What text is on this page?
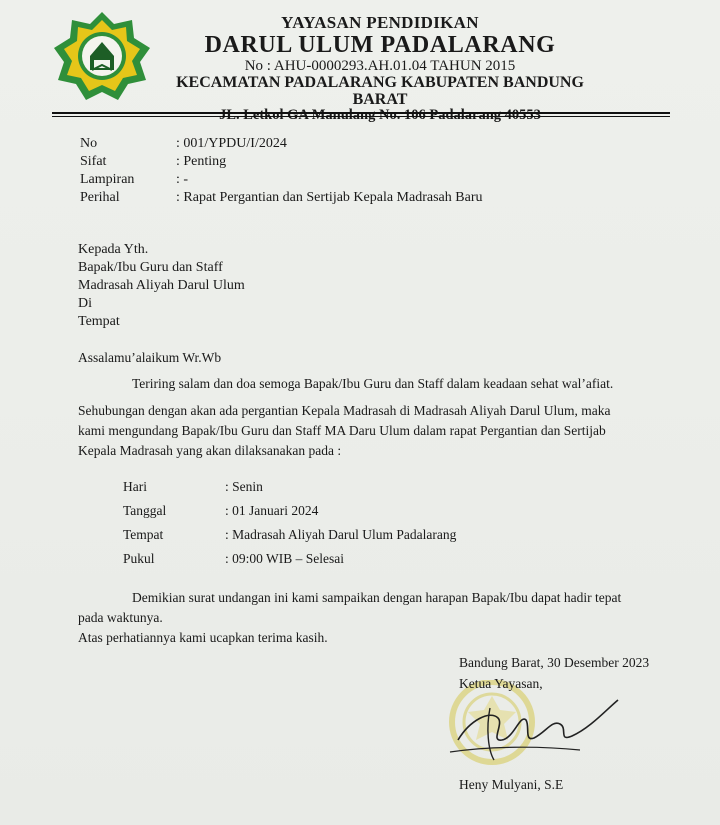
YAYASAN PENDIDIKAN
DARUL ULUM PADALARANG
No : AHU-0000293.AH.01.04 TAHUN 2015
KECAMATAN PADALARANG KABUPATEN BANDUNG BARAT
No	: 001/YPDU/I/2024
Sifat	: Penting
Lampiran	: -
Perihal	: Rapat Pergantian dan Sertijab Kepala Madrasah Baru
Kepada Yth.
Bapak/Ibu Guru dan Staff
Madrasah Aliyah Darul Ulum
Di
Tempat
Assalamu’alaikum Wr.Wb
Teriring salam dan doa semoga Bapak/Ibu Guru dan Staff dalam keadaan sehat wal’afiat.
Sehubungan dengan akan ada pergantian Kepala Madrasah di Madrasah Aliyah Darul Ulum, maka
kami mengundang Bapak/Ibu Guru dan Staff MA Daru Ulum dalam rapat Pergantian dan Sertijab
Kepala Madrasah yang akan dilaksanakan pada :
Hari	: Senin
Tanggal	: 01 Januari 2024
Tempat	: Madrasah Aliyah Darul Ulum Padalarang
Pukul	: 09:00 WIB – Selesai
Demikian surat undangan ini kami sampaikan dengan harapan Bapak/Ibu dapat hadir tepat
pada waktunya.
Atas perhatiannya kami ucapkan terima kasih.
Bandung Barat, 30 Desember 2023
Ketua Yayasan,
Heny Mulyani, S.E
